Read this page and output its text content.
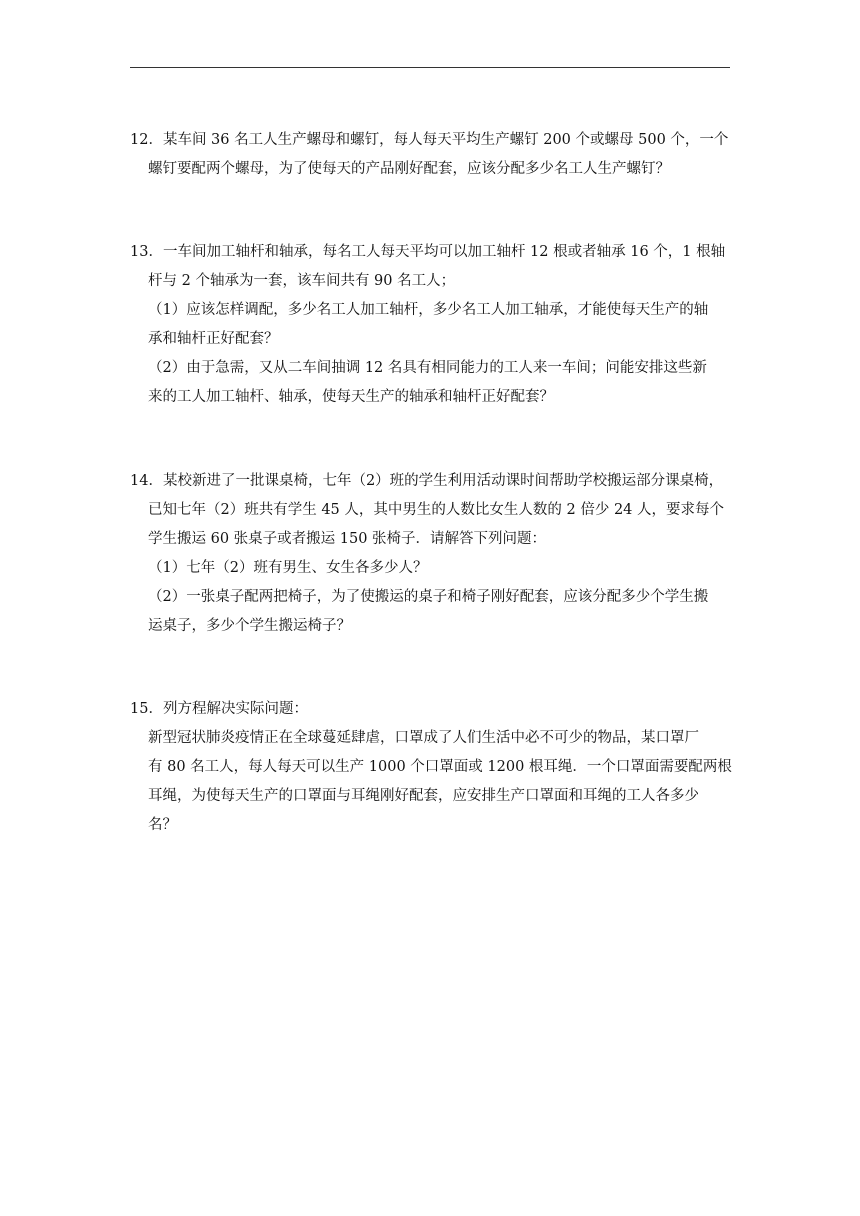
12．某车间 36 名工人生产螺母和螺钉，每人每天平均生产螺钉 200 个或螺母 500 个，一个
螺钉要配两个螺母，为了使每天的产品刚好配套，应该分配多少名工人生产螺钉？
13．一车间加工轴杆和轴承，每名工人每天平均可以加工轴杆 12 根或者轴承 16 个，1 根轴
杆与 2 个轴承为一套，该车间共有 90 名工人；
（1）应该怎样调配，多少名工人加工轴杆，多少名工人加工轴承，才能使每天生产的轴
承和轴杆正好配套？
（2）由于急需，又从二车间抽调 12 名具有相同能力的工人来一车间；问能安排这些新
来的工人加工轴杆、轴承，使每天生产的轴承和轴杆正好配套？
14．某校新进了一批课桌椅，七年（2）班的学生利用活动课时间帮助学校搬运部分课桌椅，
已知七年（2）班共有学生 45 人，其中男生的人数比女生人数的 2 倍少 24 人，要求每个
学生搬运 60 张桌子或者搬运 150 张椅子．请解答下列问题：
（1）七年（2）班有男生、女生各多少人？
（2）一张桌子配两把椅子，为了使搬运的桌子和椅子刚好配套，应该分配多少个学生搬
运桌子，多少个学生搬运椅子？
15．列方程解决实际问题：
新型冠状肺炎疫情正在全球蔓延肆虐，口罩成了人们生活中必不可少的物品，某口罩厂
有 80 名工人，每人每天可以生产 1000 个口罩面或 1200 根耳绳．一个口罩面需要配两根
耳绳，为使每天生产的口罩面与耳绳刚好配套，应安排生产口罩面和耳绳的工人各多少
名？
